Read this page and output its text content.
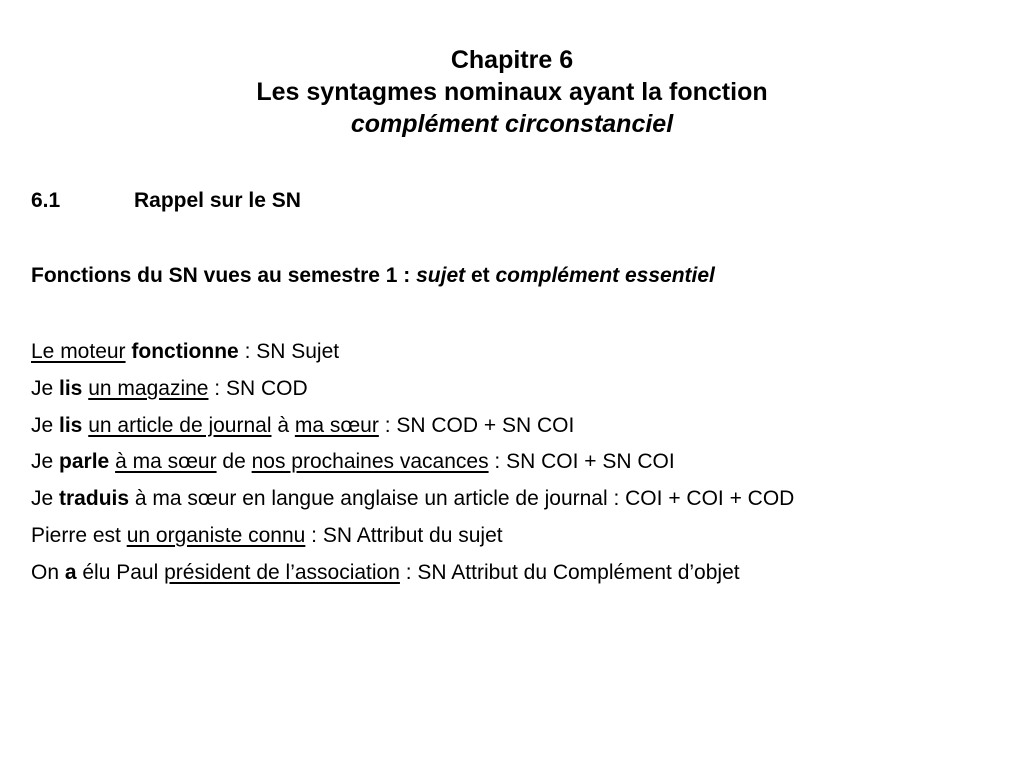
Chapitre 6
Les syntagmes nominaux ayant la fonction
complément circonstanciel
6.1	Rappel sur le SN
Fonctions du SN vues au semestre 1 : sujet et complément essentiel
Le moteur fonctionne : SN Sujet
Je lis un magazine : SN COD
Je lis un article de journal à ma sœur : SN COD + SN COI
Je parle à ma sœur de nos prochaines vacances : SN COI + SN COI
Je traduis à ma sœur en langue anglaise un article de journal : COI + COI + COD
Pierre est un organiste connu : SN Attribut du sujet
On a élu Paul président de l’association : SN Attribut du Complément d’objet
